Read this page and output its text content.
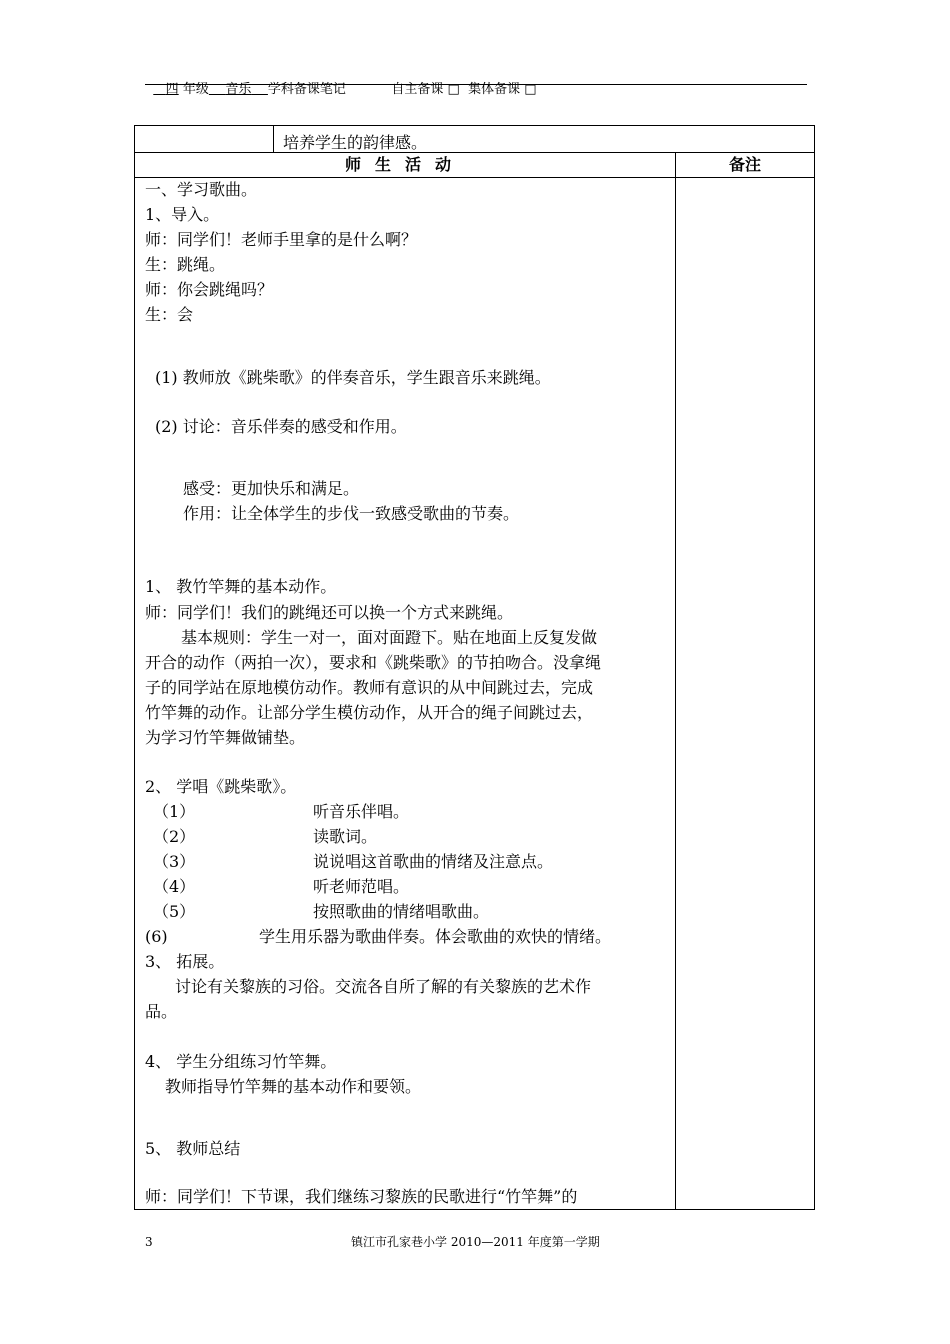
四 年级 音乐 学科备课笔记	自主备课 □  集体备课 □

培养学生的韵律感。
师生活动	备注
一、学习歌曲。
1、导入。
师：同学们！老师手里拿的是什么啊？
生：跳绳。
师：你会跳绳吗？
生：会
(1) 教师放《跳柴歌》的伴奏音乐，学生跟音乐来跳绳。
(2) 讨论：音乐伴奏的感受和作用。
感受：更加快乐和满足。
作用：让全体学生的步伐一致感受歌曲的节奏。
1、 教竹竿舞的基本动作。
师：同学们！我们的跳绳还可以换一个方式来跳绳。
基本规则：学生一对一，面对面蹬下。贴在地面上反复发做
开合的动作（两拍一次），要求和《跳柴歌》的节拍吻合。没拿绳
子的同学站在原地模仿动作。教师有意识的从中间跳过去，完成
竹竿舞的动作。让部分学生模仿动作，从开合的绳子间跳过去，
为学习竹竿舞做铺垫。
2、 学唱《跳柴歌》。
（1）	听音乐伴唱。
（2）	读歌词。
（3）	说说唱这首歌曲的情绪及注意点。
（4）	听老师范唱。
（5）	按照歌曲的情绪唱歌曲。
(6)	学生用乐器为歌曲伴奏。体会歌曲的欢快的情绪。
3、 拓展。
讨论有关黎族的习俗。交流各自所了解的有关黎族的艺术作
品。
4、 学生分组练习竹竿舞。
教师指导竹竿舞的基本动作和要领。
5、 教师总结
师：同学们！下节课，我们继练习黎族的民歌进行“竹竿舞”的
3	镇江市孔家巷小学 2010—2011 年度第一学期
